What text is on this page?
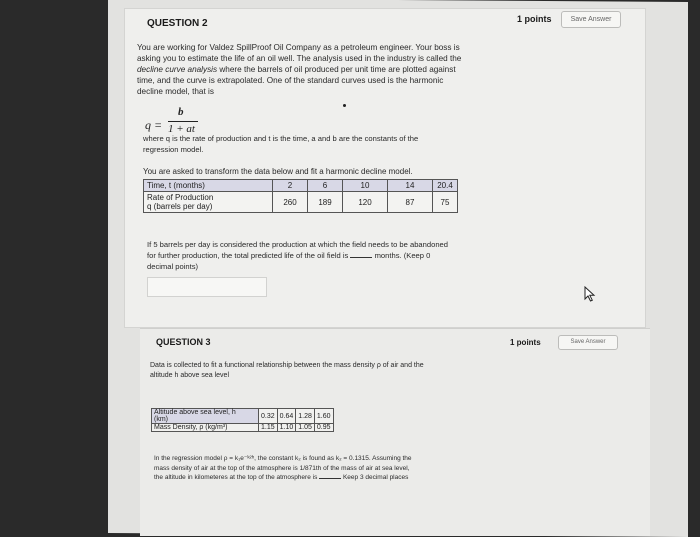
QUESTION 2	1 points	Save Answer
You are working for Valdez SpillProof Oil Company as a petroleum engineer. Your boss is
asking you to estimate the life of an oil well. The analysis used in the industry is called the
decline curve analysis where the barrels of oil produced per unit time are plotted against
time, and the curve is extrapolated. One of the standard curves used is the harmonic
decline model, that is
q =
b
1 + at
where q is the rate of production and t is the time, a and b are the constants of the
regression model.
You are asked to transform the data below and fit a harmonic decline model.
Time, t (months)	2	6	10	14	20.4

Rate of Production
q (barrels per day)	260	189	120	87	75
If 5 barrels per day is considered the production at which the field needs to be abandoned
for further production, the total predicted life of the oil field is	months. (Keep 0
decimal points)
QUESTION 3	1 points	Save Answer
Data is collected to fit a functional relationship between the mass density ρ of air and the
altitude h above sea level
Altitude above sea level, h
(km)	0.32	0.64	1.28	1.60
Mass Density, ρ (kg/m³)	1.15	1.10	1.05	0.95
In the regression model ρ = k₁e⁻ᵏ²ʰ, the constant k₂ is found as k₂ = 0.1315. Assuming the
mass density of air at the top of the atmosphere is 1/871th of the mass of air at sea level,
the altitude in kilometeres at the top of the atmosphere is	Keep 3 decimal places
